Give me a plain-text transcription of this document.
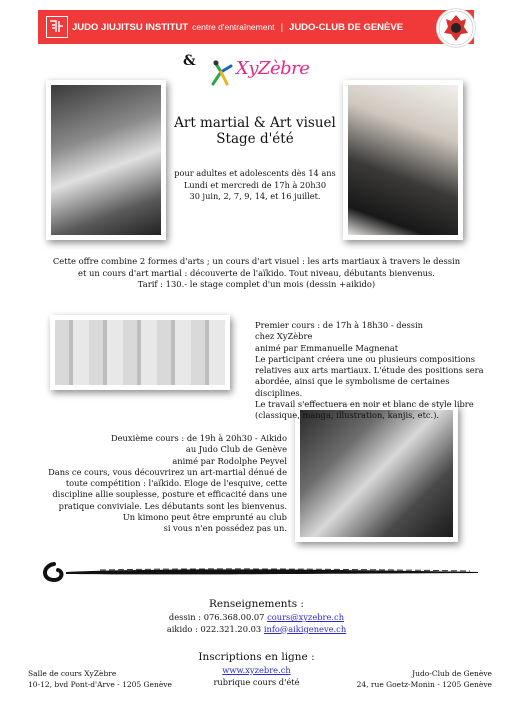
JUDO JIUJITSU INSTITUT centre d'entraînement | JUDO-CLUB DE GENÈVE
& XyZèbre

Art martial & Art visuel

Stage d'été

pour adultes et adolescents dès 14 ans

Lundi et mercredi de 17h à 20h30

30 juin, 2, 7, 9, 14, et 16 juillet.

Cette offre combine 2 formes d'arts ; un cours d'art visuel : les arts martiaux à travers le dessin

et un cours d'art martial : découverte de l'aïkido. Tout niveau, débutants bienvenus.

Tarif : 130.- le stage complet d'un mois (dessin +aikido)

Premier cours : de 17h à 18h30 - dessin

chez XyZèbre

animé par Emmanuelle Magnenat

Le participant créera une ou plusieurs compositions

relatives aux arts martiaux. L'étude des positions sera

abordée, ainsi que le symbolisme de certaines disciplines.

Le travail s'effectuera en noir et blanc de style libre

(classique, manga, illustration, kanjis, etc.).

Deuxième cours : de 19h à 20h30 - Aikido

au Judo Club de Genève

animé par Rodolphe Peyvel

Dans ce cours, vous découvrirez un art-martial dénué de

toute compétition : l'aïkido. Eloge de l'esquive, cette

discipline allie souplesse, posture et efficacité dans une

pratique conviviale. Les débutants sont les bienvenus.

Un kimono peut être emprunté au club

si vous n'en possédez pas un.

Renseignements :

dessin : 076.368.00.07 cours@xyzebre.ch

aikido : 022.321.20.03 info@aikigeneve.ch

Inscriptions en ligne :

www.xyzebre.ch

rubrique cours d'été

Salle de cours XyZèbre

10-12, bvd Pont-d'Arve - 1205 Genève

Judo-Club de Genève

24, rue Goetz-Monin - 1205 Genève
